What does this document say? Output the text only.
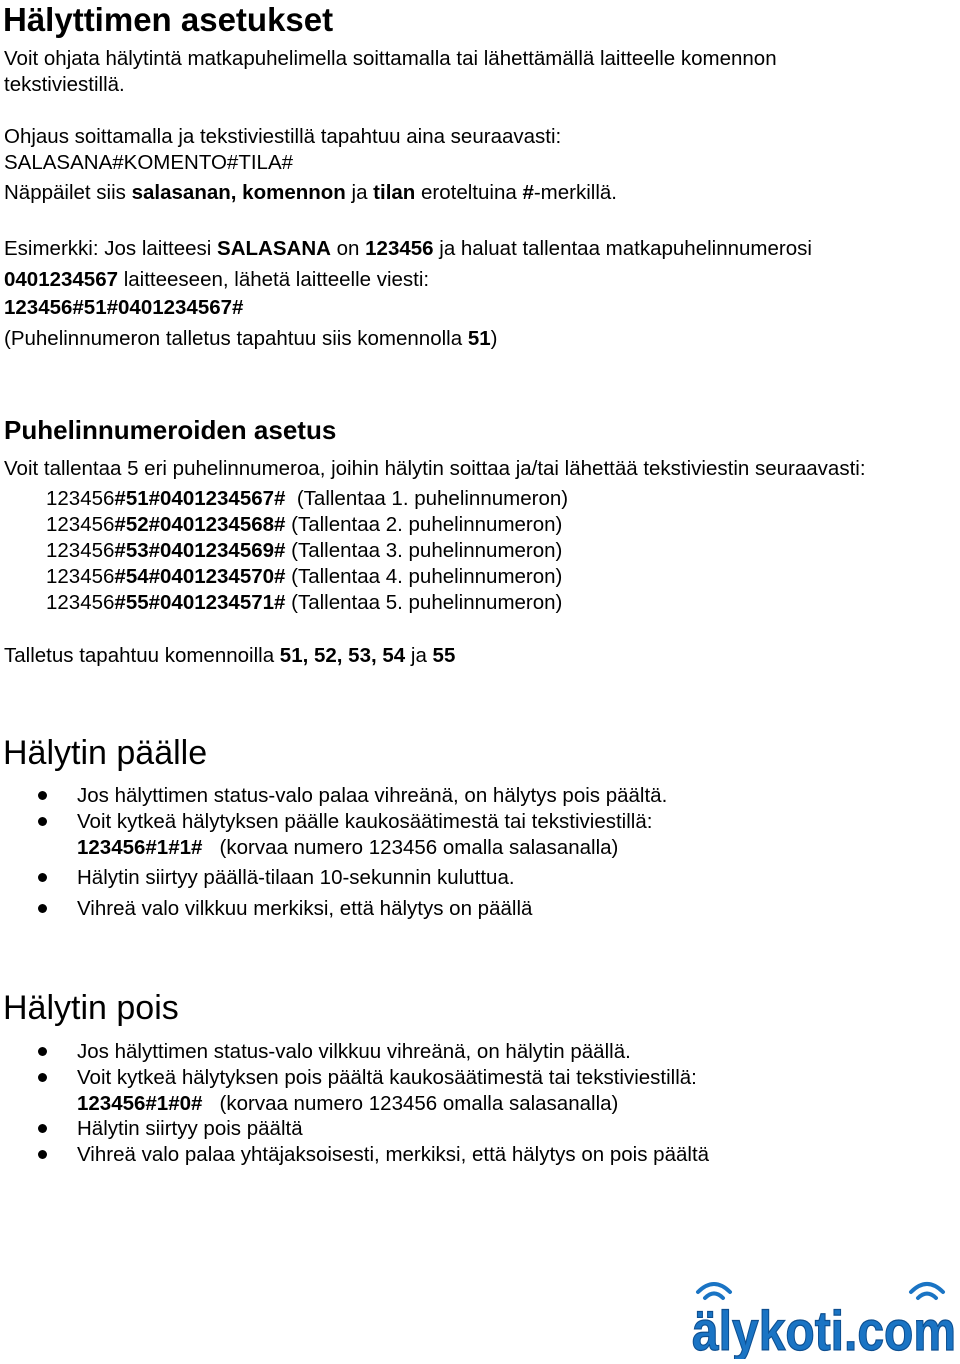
Hälyttimen asetukset
Voit ohjata hälytintä matkapuhelimella soittamalla tai lähettämällä laitteelle komennon
tekstiviestillä.
Ohjaus soittamalla ja tekstiviestillä tapahtuu aina seuraavasti:
SALASANA#KOMENTO#TILA#
Näppäilet siis salasanan, komennon ja tilan eroteltuina #-merkillä.
Esimerkki: Jos laitteesi SALASANA on 123456 ja haluat tallentaa matkapuhelinnumerosi
0401234567 laitteeseen, lähetä laitteelle viesti:
123456#51#0401234567#
(Puhelinnumeron talletus tapahtuu siis komennolla 51)
Puhelinnumeroiden asetus
Voit tallentaa 5 eri puhelinnumeroa, joihin hälytin soittaa ja/tai lähettää tekstiviestin seuraavasti:
123456#51#0401234567#  (Tallentaa 1. puhelinnumeron)
123456#52#0401234568# (Tallentaa 2. puhelinnumeron)
123456#53#0401234569# (Tallentaa 3. puhelinnumeron)
123456#54#0401234570# (Tallentaa 4. puhelinnumeron)
123456#55#0401234571# (Tallentaa 5. puhelinnumeron)
Talletus tapahtuu komennoilla 51, 52, 53, 54 ja 55
Hälytin päälle
Jos hälyttimen status-valo palaa vihreänä, on hälytys pois päältä.
Voit kytkeä hälytyksen päälle kaukosäätimestä tai tekstiviestillä:
123456#1#1#   (korvaa numero 123456 omalla salasanalla)
Hälytin siirtyy päällä-tilaan 10-sekunnin kuluttua.
Vihreä valo vilkkuu merkiksi, että hälytys on päällä
Hälytin pois
Jos hälyttimen status-valo vilkkuu vihreänä, on hälytin päällä.
Voit kytkeä hälytyksen pois päältä kaukosäätimestä tai tekstiviestillä:
123456#1#0#   (korvaa numero 123456 omalla salasanalla)
Hälytin siirtyy pois päältä
Vihreä valo palaa yhtäjaksoisesti, merkiksi, että hälytys on pois päältä
älykoti.com
